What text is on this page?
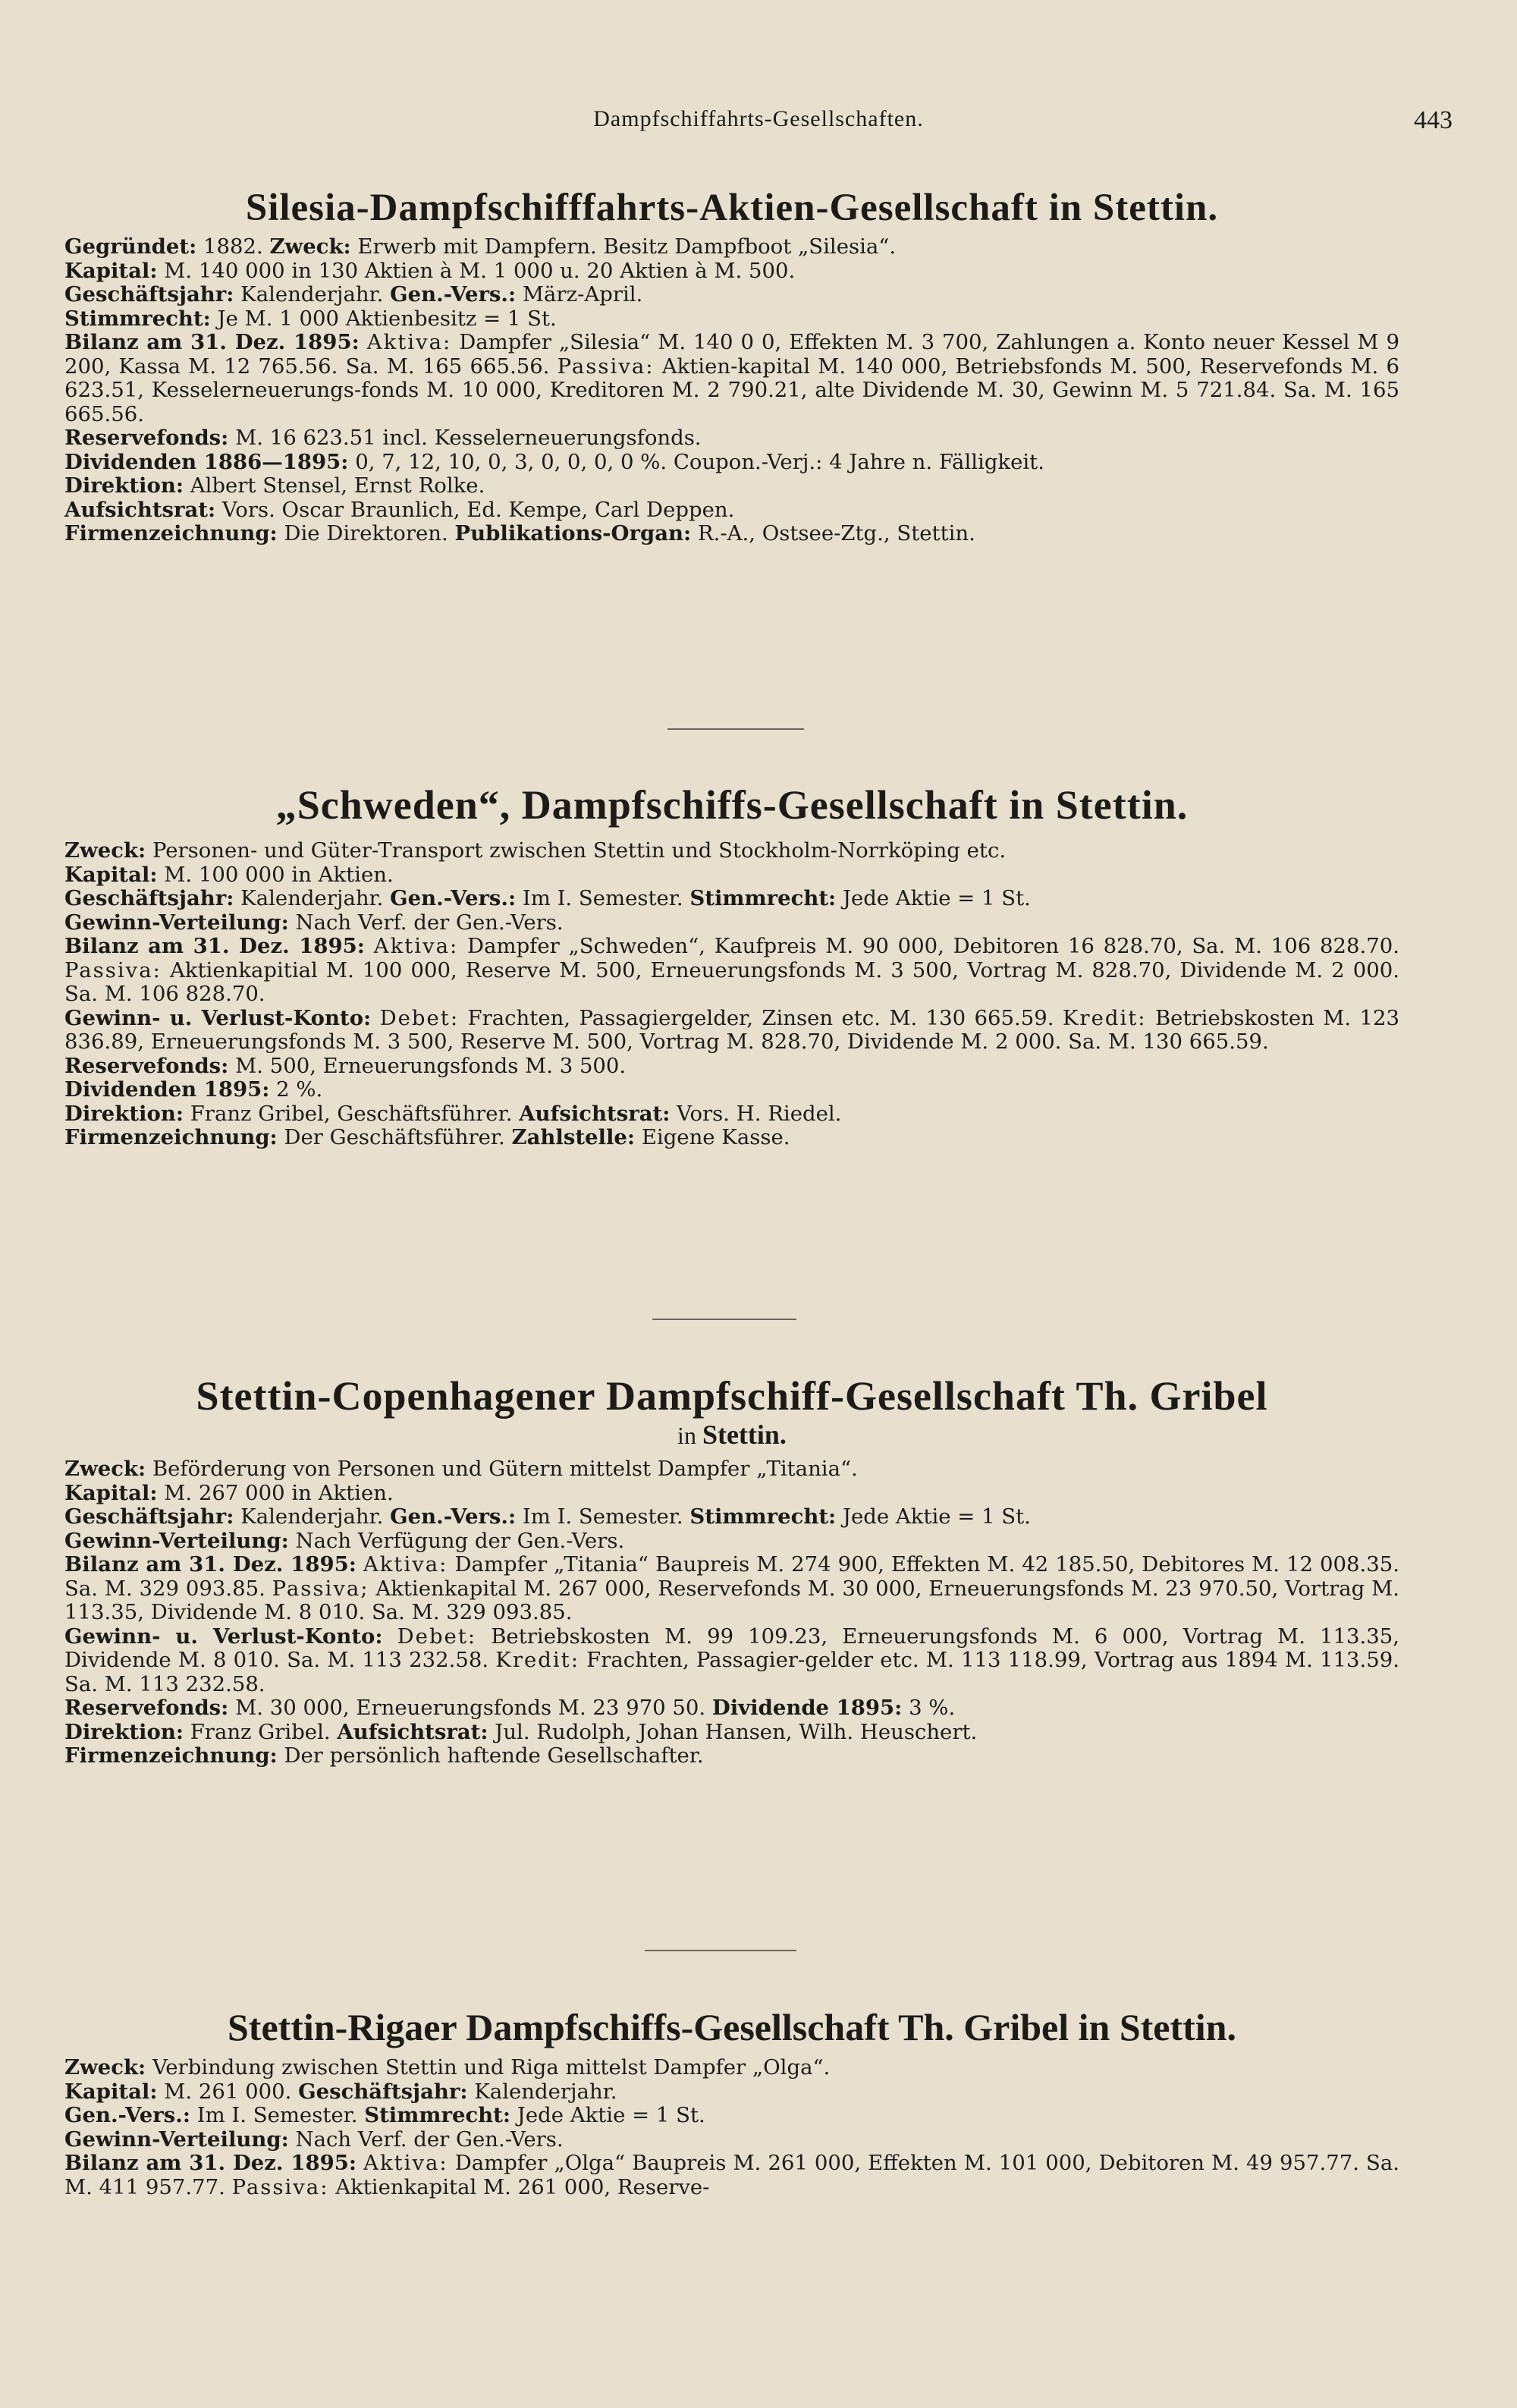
Dampfschiffahrts-Gesellschaften.	443
Silesia-Dampfschifffahrts-Aktien-Gesellschaft in Stettin.

Gegründet: 1882. Zweck: Erwerb mit Dampfern. Besitz Dampfboot „Silesia“.

Kapital: M. 140 000 in 130 Aktien à M. 1 000 u. 20 Aktien à M. 500.

Geschäftsjahr: Kalenderjahr. Gen.-Vers.: März-April.

Stimmrecht: Je M. 1 000 Aktienbesitz = 1 St.

Bilanz am 31. Dez. 1895: Aktiva: Dampfer „Silesia“ M. 140 0 0, Effekten M. 3 700, Zahlungen a. Konto neuer Kessel M 9 200, Kassa M. 12 765.56. Sa. M. 165 665.56. Passiva: Aktien-kapital M. 140 000, Betriebsfonds M. 500, Reservefonds M. 6 623.51, Kesselerneuerungs-fonds M. 10 000, Kreditoren M. 2 790.21, alte Dividende M. 30, Gewinn M. 5 721.84. Sa. M. 165 665.56.

Reservefonds: M. 16 623.51 incl. Kesselerneuerungsfonds.

Dividenden 1886—1895: 0, 7, 12, 10, 0, 3, 0, 0, 0, 0 %. Coupon.-Verj.: 4 Jahre n. Fälligkeit.

Direktion: Albert Stensel, Ernst Rolke.

Aufsichtsrat: Vors. Oscar Braunlich, Ed. Kempe, Carl Deppen.

Firmenzeichnung: Die Direktoren. Publikations-Organ: R.-A., Ostsee-Ztg., Stettin.

„Schweden“, Dampfschiffs-Gesellschaft in Stettin.

Zweck: Personen- und Güter-Transport zwischen Stettin und Stockholm-Norrköping etc.

Kapital: M. 100 000 in Aktien.

Geschäftsjahr: Kalenderjahr. Gen.-Vers.: Im I. Semester. Stimmrecht: Jede Aktie = 1 St.

Gewinn-Verteilung: Nach Verf. der Gen.-Vers.

Bilanz am 31. Dez. 1895: Aktiva: Dampfer „Schweden“, Kaufpreis M. 90 000, Debitoren 16 828.70, Sa. M. 106 828.70. Passiva: Aktienkapitial M. 100 000, Reserve M. 500, Erneuerungsfonds M. 3 500, Vortrag M. 828.70, Dividende M. 2 000. Sa. M. 106 828.70.

Gewinn- u. Verlust-Konto: Debet: Frachten, Passagiergelder, Zinsen etc. M. 130 665.59. Kredit: Betriebskosten M. 123 836.89, Erneuerungsfonds M. 3 500, Reserve M. 500, Vortrag M. 828.70, Dividende M. 2 000. Sa. M. 130 665.59.

Reservefonds: M. 500, Erneuerungsfonds M. 3 500.

Dividenden 1895: 2 %.

Direktion: Franz Gribel, Geschäftsführer. Aufsichtsrat: Vors. H. Riedel.

Firmenzeichnung: Der Geschäftsführer. Zahlstelle: Eigene Kasse.

Stettin-Copenhagener Dampfschiff-Gesellschaft Th. Gribel
in Stettin.

Zweck: Beförderung von Personen und Gütern mittelst Dampfer „Titania“.

Kapital: M. 267 000 in Aktien.

Geschäftsjahr: Kalenderjahr. Gen.-Vers.: Im I. Semester. Stimmrecht: Jede Aktie = 1 St.

Gewinn-Verteilung: Nach Verfügung der Gen.-Vers.

Bilanz am 31. Dez. 1895: Aktiva: Dampfer „Titania“ Baupreis M. 274 900, Effekten M. 42 185.50, Debitores M. 12 008.35. Sa. M. 329 093.85. Passiva; Aktienkapital M. 267 000, Reservefonds M. 30 000, Erneuerungsfonds M. 23 970.50, Vortrag M. 113.35, Dividende M. 8 010. Sa. M. 329 093.85.

Gewinn- u. Verlust-Konto: Debet: Betriebskosten M. 99 109.23, Erneuerungsfonds M. 6 000, Vortrag M. 113.35, Dividende M. 8 010. Sa. M. 113 232.58. Kredit: Frachten, Passagier-gelder etc. M. 113 118.99, Vortrag aus 1894 M. 113.59. Sa. M. 113 232.58.

Reservefonds: M. 30 000, Erneuerungsfonds M. 23 970 50. Dividende 1895: 3 %.

Direktion: Franz Gribel. Aufsichtsrat: Jul. Rudolph, Johan Hansen, Wilh. Heuschert.

Firmenzeichnung: Der persönlich haftende Gesellschafter.

Stettin-Rigaer Dampfschiffs-Gesellschaft Th. Gribel in Stettin.

Zweck: Verbindung zwischen Stettin und Riga mittelst Dampfer „Olga“.

Kapital: M. 261 000. Geschäftsjahr: Kalenderjahr.

Gen.-Vers.: Im I. Semester. Stimmrecht: Jede Aktie = 1 St.

Gewinn-Verteilung: Nach Verf. der Gen.-Vers.

Bilanz am 31. Dez. 1895: Aktiva: Dampfer „Olga“ Baupreis M. 261 000, Effekten M. 101 000, Debitoren M. 49 957.77. Sa. M. 411 957.77. Passiva: Aktienkapital M. 261 000, Reserve-
